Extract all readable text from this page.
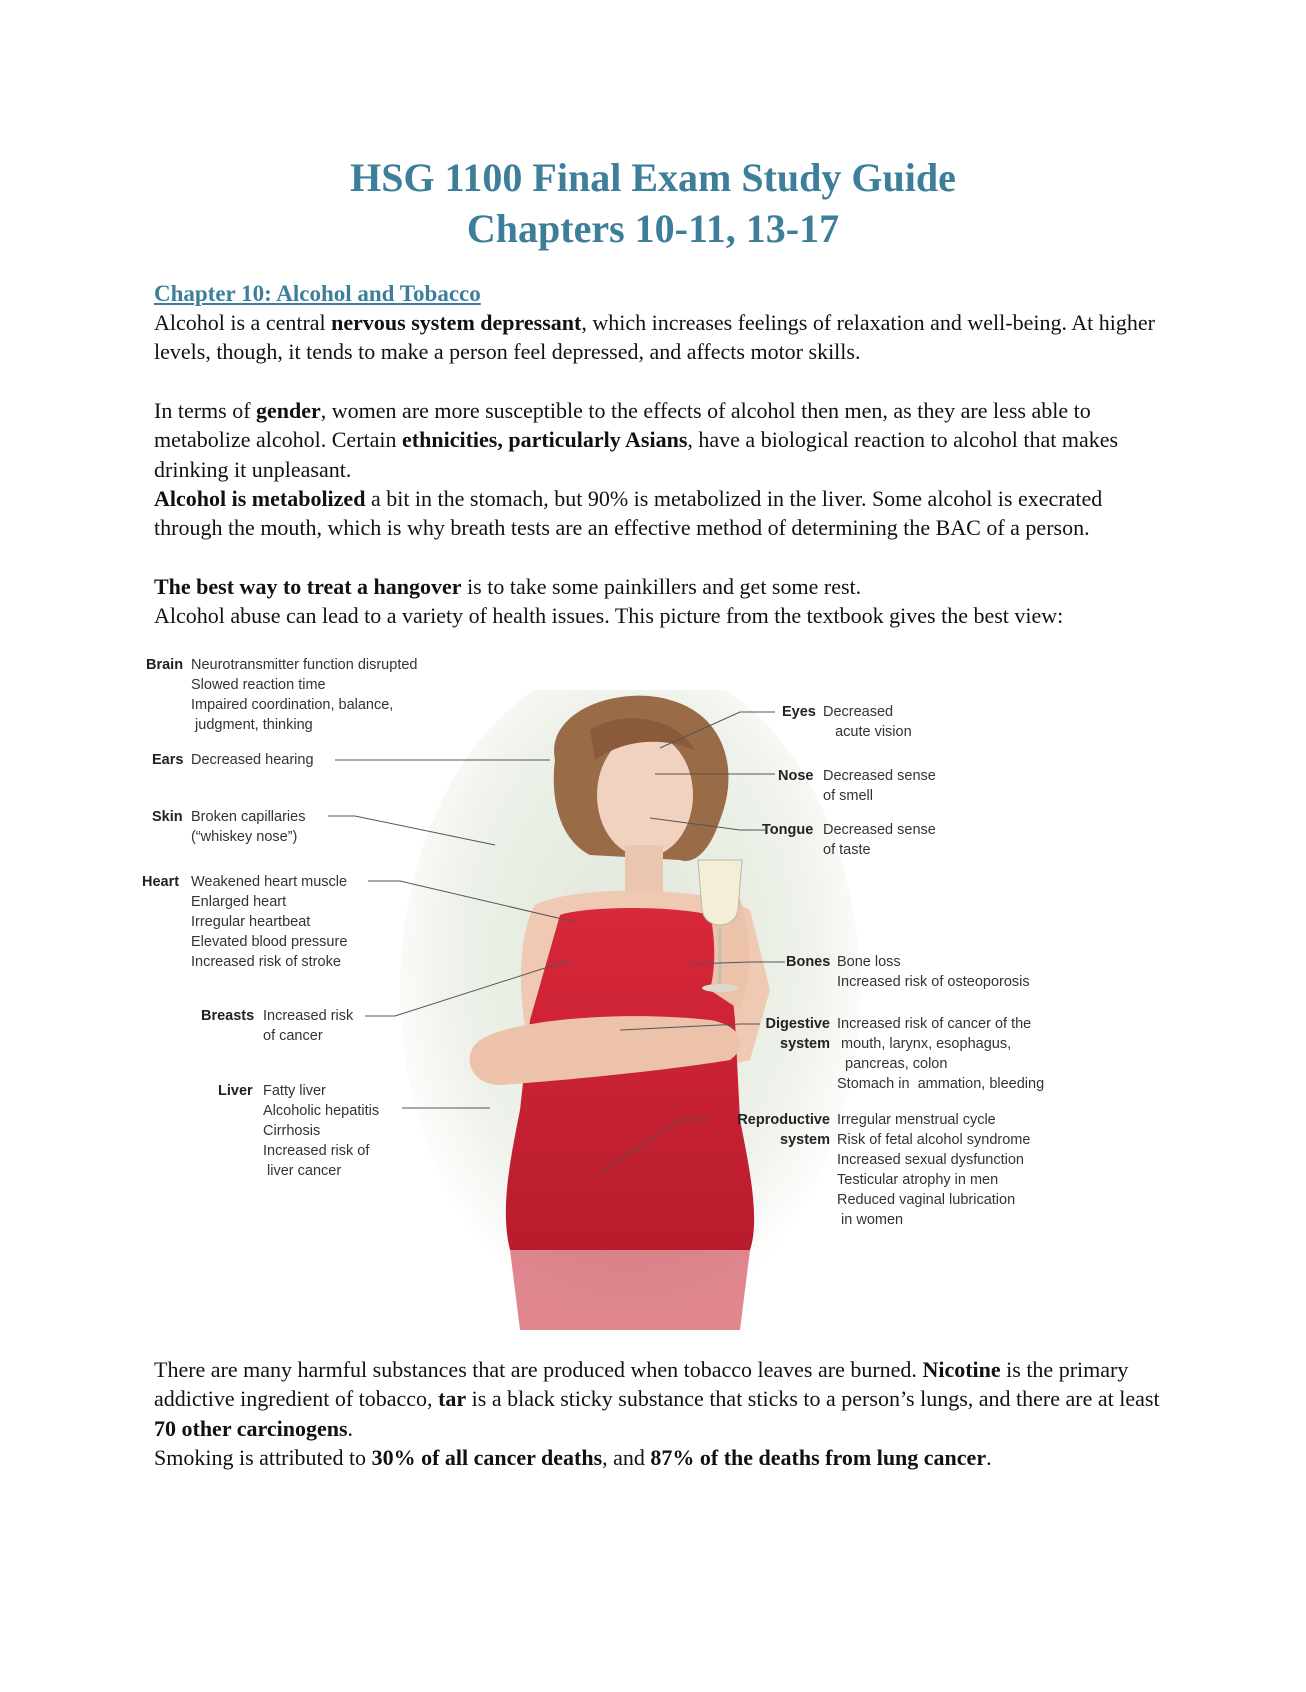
HSG 1100 Final Exam Study Guide
Chapters 10-11, 13-17
Chapter 10: Alcohol and Tobacco

Alcohol is a central nervous system depressant, which increases feelings of relaxation and well-being. At higher levels, though, it tends to make a person feel depressed, and affects motor skills.

In terms of gender, women are more susceptible to the effects of alcohol then men, as they are less able to metabolize alcohol. Certain ethnicities, particularly Asians, have a biological reaction to alcohol that makes drinking it unpleasant.

Alcohol is metabolized a bit in the stomach, but 90% is metabolized in the liver. Some alcohol is execrated through the mouth, which is why breath tests are an effective method of determining the BAC of a person.

The best way to treat a hangover is to take some painkillers and get some rest.

Alcohol abuse can lead to a variety of health issues. This picture from the textbook gives the best view:

Brain Neurotransmitter function disrupted
Slowed reaction time
Impaired coordination, balance,
judgment, thinking
Ears Decreased hearing
Skin Broken capillaries
(“whiskey nose”)
Heart Weakened heart muscle
Enlarged heart
Irregular heartbeat
Elevated blood pressure
Increased risk of stroke
Breasts Increased risk
of cancer
Liver Fatty liver
Alcoholic hepatitis
Cirrhosis
Increased risk of
liver cancer
Eyes Decreased
acute vision
Nose Decreased sense
of smell
Tongue Decreased sense
of taste
Bones Bone loss
Increased risk of osteoporosis
Digestive
system
Increased risk of cancer of the
mouth, larynx, esophagus,
pancreas, colon
Stomach in  ammation, bleeding
Reproductive
system
Irregular menstrual cycle
Risk of fetal alcohol syndrome
Increased sexual dysfunction
Testicular atrophy in men
Reduced vaginal lubrication
in women

There are many harmful substances that are produced when tobacco leaves are burned. Nicotine is the primary addictive ingredient of tobacco, tar is a black sticky substance that sticks to a person’s lungs, and there are at least 70 other carcinogens.

Smoking is attributed to 30% of all cancer deaths, and 87% of the deaths from lung cancer.
